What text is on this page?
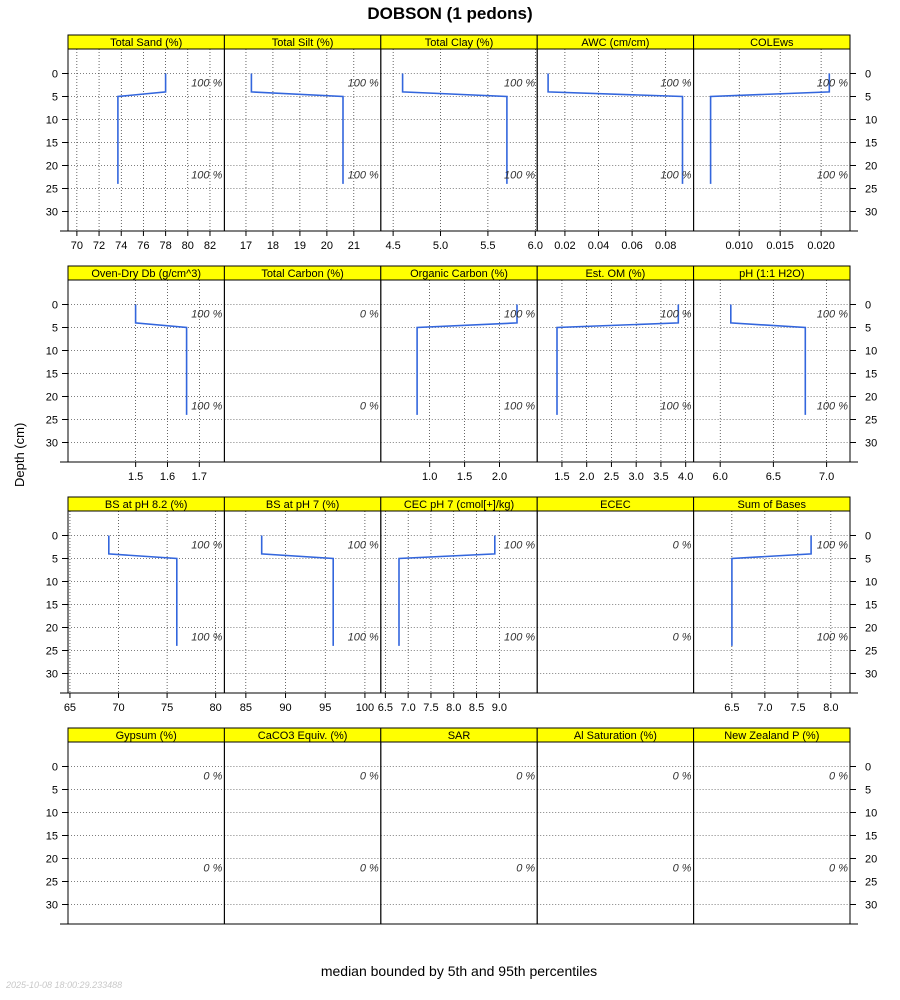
DOBSON (1 pedons)
Depth (cm)
Total Sand (%)
100 %
100 %
70 72 74 76 78 80 82
Total Silt (%)
100 %
100 %
17 18 19 20 21
Total Clay (%)
100 %
100 %
4.5	5.0	5.5	6.0
AWC (cm/cm)
100 %
100 %
0.02 0.04 0.06 0.08
COLEws
100 %
100 %
0.010 0.015 0.020
Oven-Dry Db (g/cm^3)
100 %
100 %
1.5 1.6 1.7
Total Carbon (%)
0 %
0 %
Organic Carbon (%)
100 %
100 %
1.0 1.5 2.0
Est. OM (%)
100 %
100 %
1.5 2.0 2.5 3.0 3.5 4.0
pH (1:1 H2O)
100 %
100 %
6.0	6.5	7.0
BS at pH 8.2 (%)
100 %
100 %
65	70	75	80
BS at pH 7 (%)
100 %
100 %
85 90 95 100
CEC pH 7 (cmol[+]/kg)
100 %
100 %
6.5 7.0 7.5 8.0 8.5 9.0
ECEC
0 %
0 %
Sum of Bases
100 %
100 %
6.5 7.0 7.5 8.0
Gypsum (%)
0 %
0 %
CaCO3 Equiv. (%)
0 %
0 %
SAR
0 %
0 %
Al Saturation (%)
0 %
0 %
New Zealand P (%)
0 %
0 %
0	0
5	5
10	10
15	15
20	20
25	25
30	30
0	0
5	5
10	10
15	15
20	20
25	25
30	30
0	0
5	5
10	10
15	15
20	20
25	25
30	30
0	0
5	5
10	10
15	15
20	20
25	25
30	30
median bounded by 5th and 95th percentiles
2025-10-08 18:00:29.233488
